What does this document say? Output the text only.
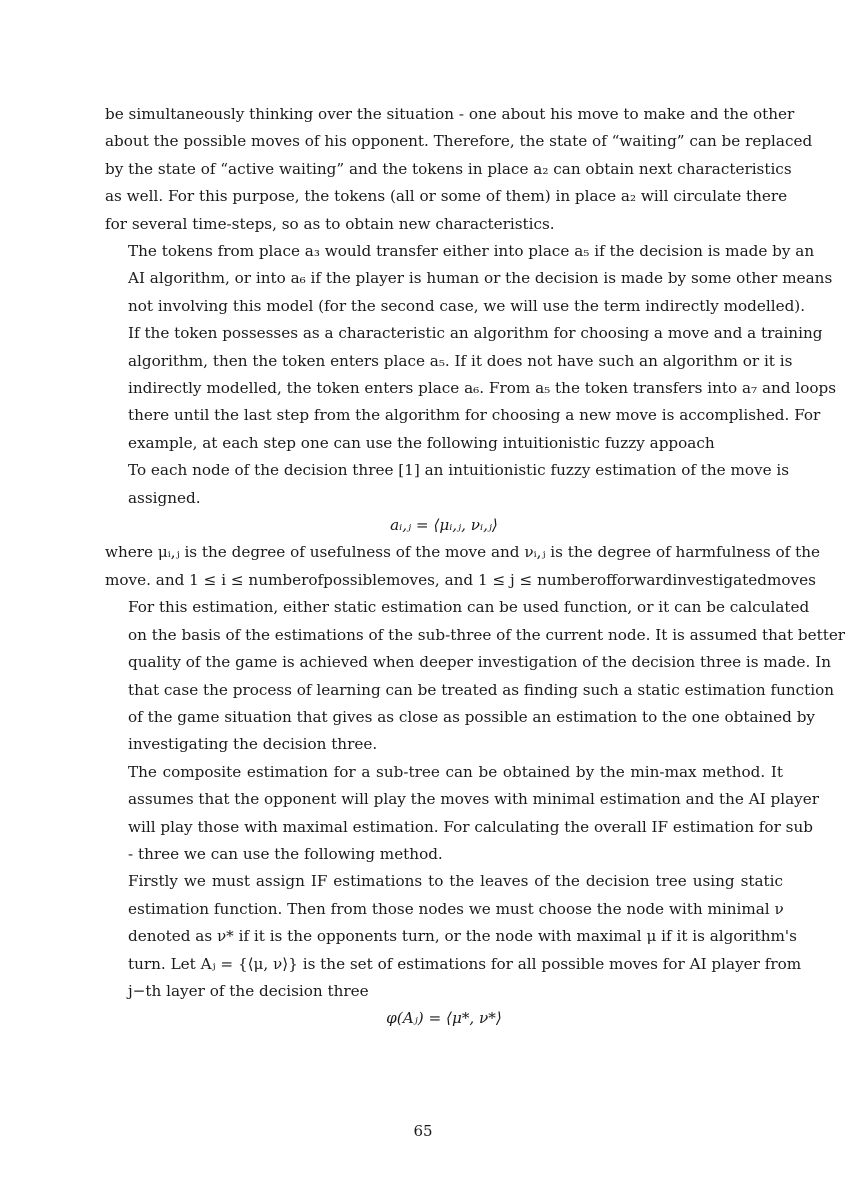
be simultaneously thinking over the situation - one about his move to make and the other
about the possible moves of his opponent. Therefore, the state of “waiting” can be replaced
by the state of “active waiting” and the tokens in place a₂ can obtain next characteristics
as well. For this purpose, the tokens (all or some of them) in place a₂ will circulate there
for several time-steps, so as to obtain new characteristics.

The tokens from place a₃ would transfer either into place a₅ if the decision is made by an
AI algorithm, or into a₆ if the player is human or the decision is made by some other means
not involving this model (for the second case, we will use the term indirectly modelled).
If the token possesses as a characteristic an algorithm for choosing a move and a training
algorithm, then the token enters place a₅. If it does not have such an algorithm or it is
indirectly modelled, the token enters place a₆. From a₅ the token transfers into a₇ and loops
there until the last step from the algorithm for choosing a new move is accomplished. For
example, at each step one can use the following intuitionistic fuzzy appoach

To each node of the decision three [1] an intuitionistic fuzzy estimation of the move is
assigned.

aᵢ,ⱼ = ⟨μᵢ,ⱼ, νᵢ,ⱼ⟩

where μᵢ,ⱼ is the degree of usefulness of the move and νᵢ,ⱼ is the degree of harmfulness of the
move. and 1 ≤ i ≤ numberofpossiblemoves, and 1 ≤ j ≤ numberofforwardinvestigatedmoves

For this estimation, either static estimation can be used function, or it can be calculated
on the basis of the estimations of the sub-three of the current node. It is assumed that better
quality of the game is achieved when deeper investigation of the decision three is made. In
that case the process of learning can be treated as finding such a static estimation function
of the game situation that gives as close as possible an estimation to the one obtained by
investigating the decision three.

The composite estimation for a sub-tree can be obtained by the min-max method. It
assumes that the opponent will play the moves with minimal estimation and the AI player
will play those with maximal estimation. For calculating the overall IF estimation for sub
- three we can use the following method.

Firstly we must assign IF estimations to the leaves of the decision tree using static
estimation function. Then from those nodes we must choose the node with minimal ν
denoted as ν* if it is the opponents turn, or the node with maximal μ if it is algorithm's
turn. Let Aⱼ = {⟨μ, ν⟩} is the set of estimations for all possible moves for AI player from
j−th layer of the decision three

φ(Aⱼ) = ⟨μ*, ν*⟩
65
